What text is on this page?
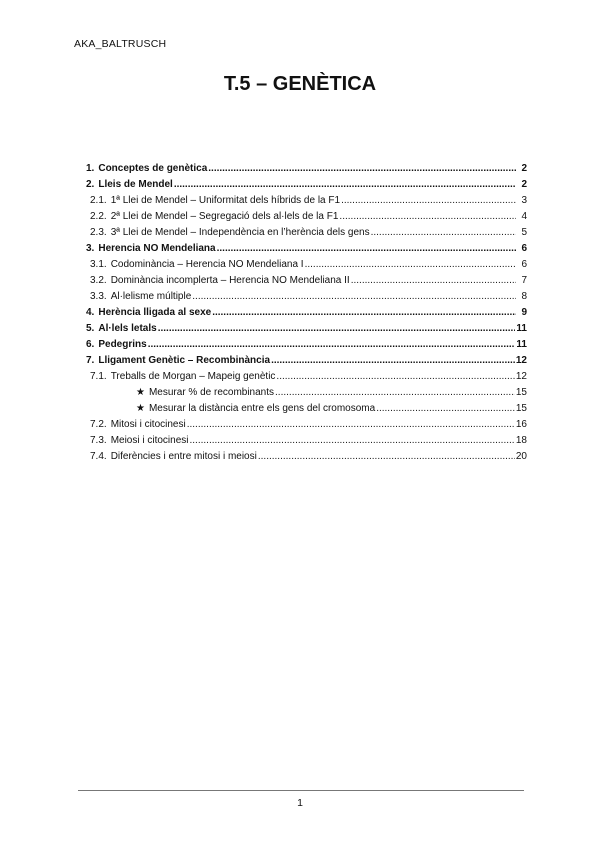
AKA_BALTRUSCH
T.5 – GENÈTICA
1. Conceptes de genètica .....	2
2. Lleis de Mendel .....	2
2.1. 1ª Llei de Mendel – Uniformitat dels híbrids de la F1 .....	3
2.2. 2ª Llei de Mendel – Segregació dels al·lels de la F1 .....	4
2.3. 3ª Llei de Mendel – Independència en l’herència dels gens .....	5
3. Herencia NO Mendeliana .....	6
3.1. Codominància – Herencia NO Mendeliana I .....	6
3.2. Dominància incomplerta – Herencia NO Mendeliana II .....	7
3.3. Al·lelisme múltiple .....	8
4. Herència lligada al sexe .....	9
5. Al·lels letals .....	11
6. Pedegrins .....	11
7. Lligament Genètic – Recombinància .....	12
7.1. Treballs de Morgan – Mapeig genètic .....	12
★ Mesurar % de recombinants .....	15
★ Mesurar la distància entre els gens del cromosoma .....	15
7.2. Mitosi i citocinesi .....	16
7.3. Meiosi i citocinesi .....	18
7.4. Diferències i entre mitosi i meiosi .....	20
1
